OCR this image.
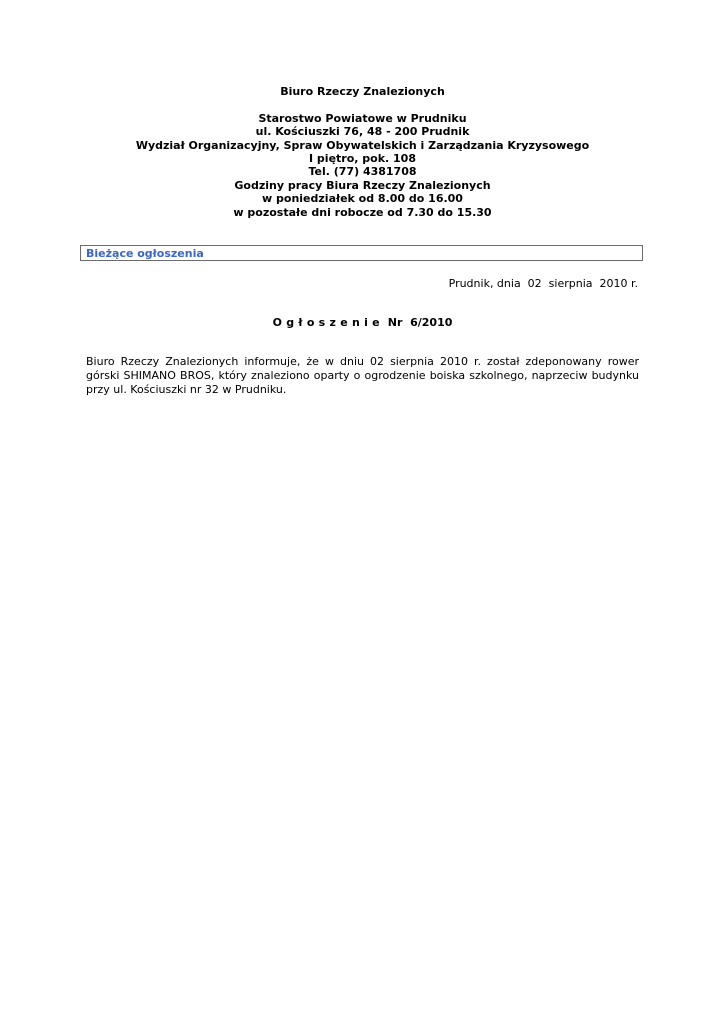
Biuro Rzeczy Znalezionych
Starostwo Powiatowe w Prudniku
ul. Kościuszki 76, 48 - 200 Prudnik
Wydział Organizacyjny, Spraw Obywatelskich i Zarządzania Kryzysowego
I piętro, pok. 108
Tel. (77) 4381708
Godziny pracy Biura Rzeczy Znalezionych
w poniedziałek od 8.00 do 16.00
w pozostałe dni robocze od 7.30 do 15.30
Bieżące ogłoszenia
Prudnik, dnia  02  sierpnia  2010 r.
Ogłoszenie Nr  6/2010
Biuro Rzeczy Znalezionych informuje, że w dniu 02 sierpnia 2010 r. został zdeponowany rower górski SHIMANO BROS, który znaleziono oparty o ogrodzenie boiska szkolnego, naprzeciw budynku przy ul. Kościuszki nr 32 w Prudniku.
